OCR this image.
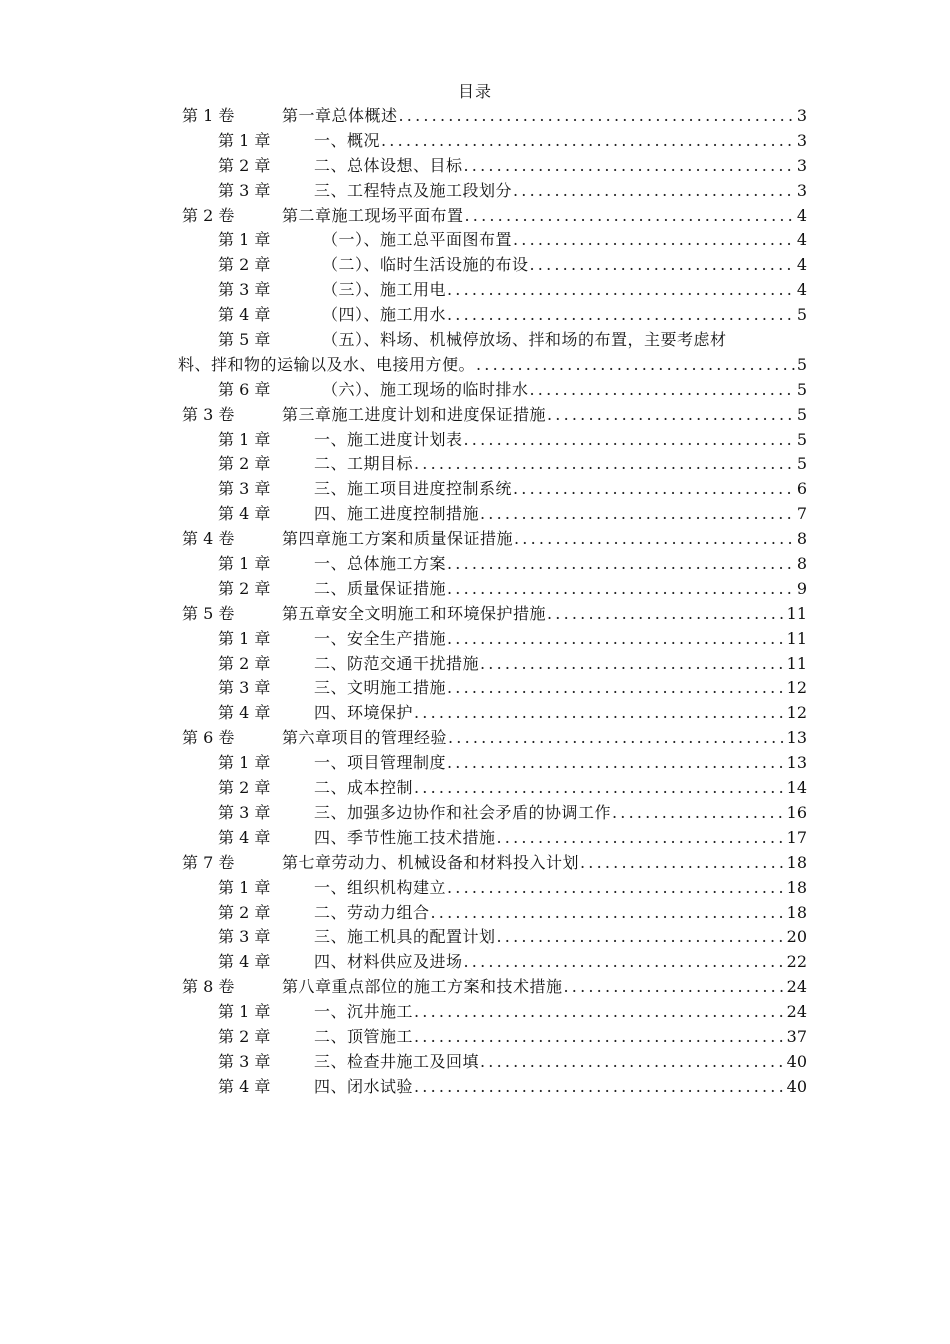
目录
第 1 卷	第一章总体概述 .....	3
第 1 章	一、概况 .....	3
第 2 章	二、总体设想、目标 .....	3
第 3 章	三、工程特点及施工段划分 .....	3
第 2 卷	第二章施工现场平面布置 .....	4
第 1 章	（一）、施工总平面图布置 .....	4
第 2 章	（二）、临时生活设施的布设 .....	4
第 3 章	（三）、施工用电 .....	4
第 4 章	（四）、施工用水 .....	5
第 5 章	（五）、料场、机械停放场、拌和场的布置，主要考虑材
料、拌和物的运输以及水、电接用方便。 .....	5
第 6 章	（六）、施工现场的临时排水 .....	5
第 3 卷	第三章施工进度计划和进度保证措施 .....	5
第 1 章	一、施工进度计划表 .....	5
第 2 章	二、工期目标 .....	5
第 3 章	三、施工项目进度控制系统 .....	6
第 4 章	四、施工进度控制措施 .....	7
第 4 卷	第四章施工方案和质量保证措施 .....	8
第 1 章	一、总体施工方案 .....	8
第 2 章	二、质量保证措施 .....	9
第 5 卷	第五章安全文明施工和环境保护措施 .....	11
第 1 章	一、安全生产措施 .....	11
第 2 章	二、防范交通干扰措施 .....	11
第 3 章	三、文明施工措施 .....	12
第 4 章	四、环境保护 .....	12
第 6 卷	第六章项目的管理经验 .....	13
第 1 章	一、项目管理制度 .....	13
第 2 章	二、成本控制 .....	14
第 3 章	三、加强多边协作和社会矛盾的协调工作 .....	16
第 4 章	四、季节性施工技术措施 .....	17
第 7 卷	第七章劳动力、机械设备和材料投入计划 .....	18
第 1 章	一、组织机构建立 .....	18
第 2 章	二、劳动力组合 .....	18
第 3 章	三、施工机具的配置计划 .....	20
第 4 章	四、材料供应及进场 .....	22
第 8 卷	第八章重点部位的施工方案和技术措施 .....	24
第 1 章	一、沉井施工 .....	24
第 2 章	二、顶管施工 .....	37
第 3 章	三、检查井施工及回填 .....	40
第 4 章	四、闭水试验 .....	40
